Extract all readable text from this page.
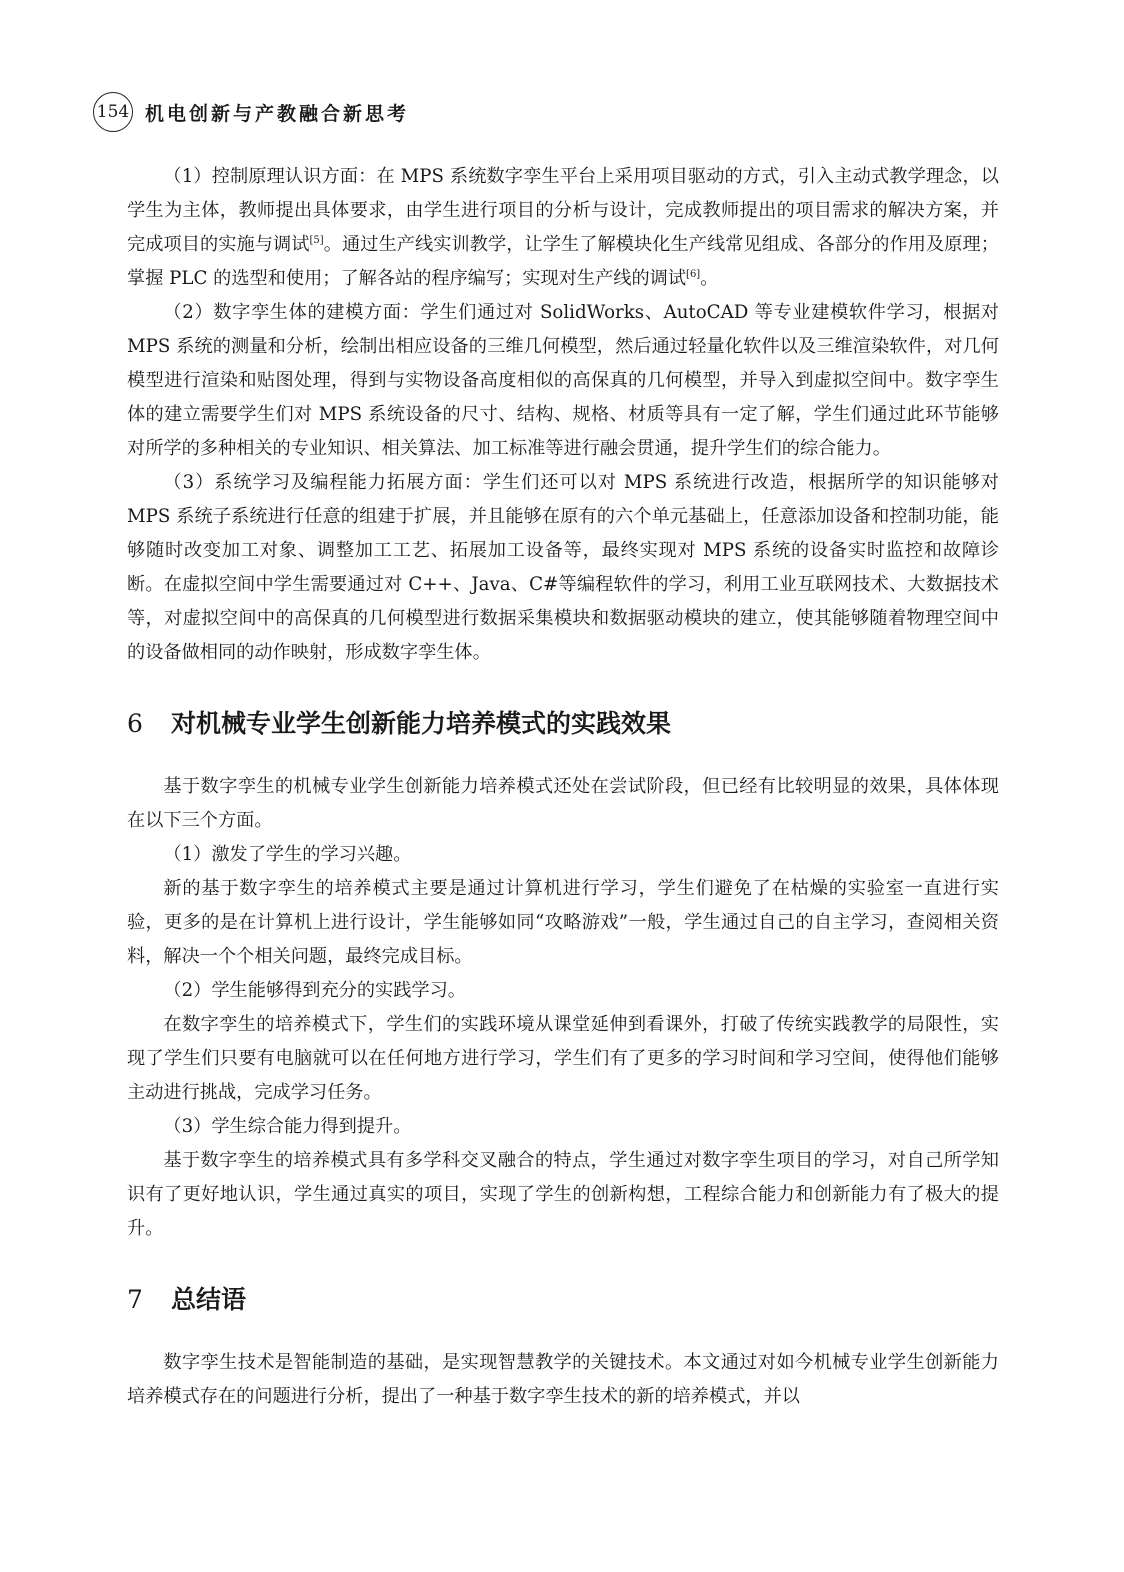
154 机电创新与产教融合新思考

（1）控制原理认识方面：在 MPS 系统数字孪生平台上采用项目驱动的方式，引入主动式教学理念，以学生为主体，教师提出具体要求，由学生进行项目的分析与设计，完成教师提出的项目需求的解决方案，并完成项目的实施与调试[5]。通过生产线实训教学，让学生了解模块化生产线常见组成、各部分的作用及原理；掌握 PLC 的选型和使用；了解各站的程序编写；实现对生产线的调试[6]。

（2）数字孪生体的建模方面：学生们通过对 SolidWorks、AutoCAD 等专业建模软件学习，根据对 MPS 系统的测量和分析，绘制出相应设备的三维几何模型，然后通过轻量化软件以及三维渲染软件，对几何模型进行渲染和贴图处理，得到与实物设备高度相似的高保真的几何模型，并导入到虚拟空间中。数字孪生体的建立需要学生们对 MPS 系统设备的尺寸、结构、规格、材质等具有一定了解，学生们通过此环节能够对所学的多种相关的专业知识、相关算法、加工标准等进行融会贯通，提升学生们的综合能力。

（3）系统学习及编程能力拓展方面：学生们还可以对 MPS 系统进行改造，根据所学的知识能够对 MPS 系统子系统进行任意的组建于扩展，并且能够在原有的六个单元基础上，任意添加设备和控制功能，能够随时改变加工对象、调整加工工艺、拓展加工设备等，最终实现对 MPS 系统的设备实时监控和故障诊断。在虚拟空间中学生需要通过对 C++、Java、C#等编程软件的学习，利用工业互联网技术、大数据技术等，对虚拟空间中的高保真的几何模型进行数据采集模块和数据驱动模块的建立，使其能够随着物理空间中的设备做相同的动作映射，形成数字孪生体。

6 对机械专业学生创新能力培养模式的实践效果

基于数字孪生的机械专业学生创新能力培养模式还处在尝试阶段，但已经有比较明显的效果，具体体现在以下三个方面。

（1）激发了学生的学习兴趣。

新的基于数字孪生的培养模式主要是通过计算机进行学习，学生们避免了在枯燥的实验室一直进行实验，更多的是在计算机上进行设计，学生能够如同“攻略游戏”一般，学生通过自己的自主学习，查阅相关资料，解决一个个相关问题，最终完成目标。

（2）学生能够得到充分的实践学习。

在数字孪生的培养模式下，学生们的实践环境从课堂延伸到看课外，打破了传统实践教学的局限性，实现了学生们只要有电脑就可以在任何地方进行学习，学生们有了更多的学习时间和学习空间，使得他们能够主动进行挑战，完成学习任务。

（3）学生综合能力得到提升。

基于数字孪生的培养模式具有多学科交叉融合的特点，学生通过对数字孪生项目的学习，对自己所学知识有了更好地认识，学生通过真实的项目，实现了学生的创新构想，工程综合能力和创新能力有了极大的提升。

7 总结语

数字孪生技术是智能制造的基础，是实现智慧教学的关键技术。本文通过对如今机械专业学生创新能力培养模式存在的问题进行分析，提出了一种基于数字孪生技术的新的培养模式，并以
